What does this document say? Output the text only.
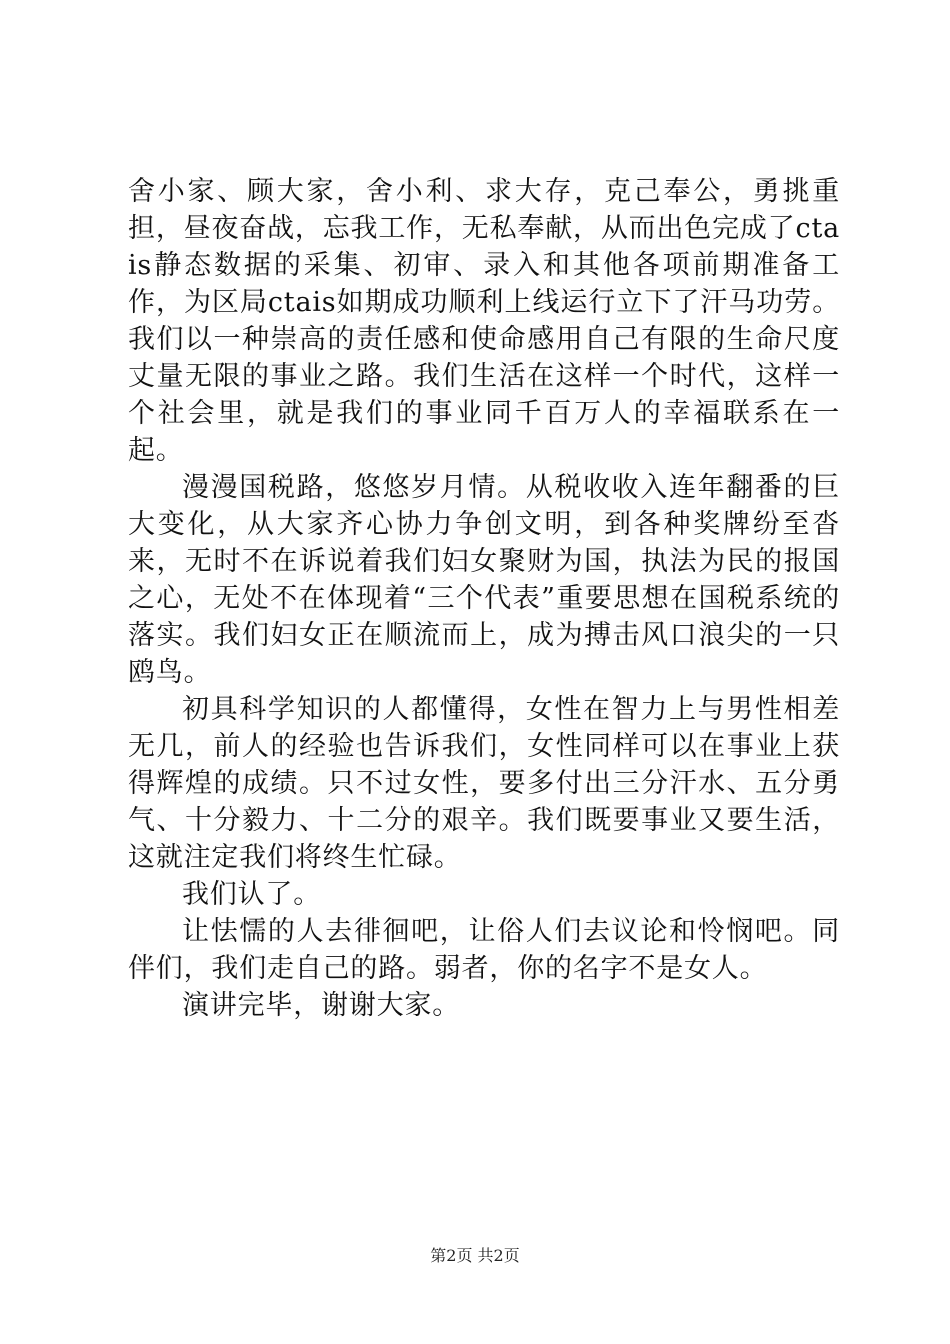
舍小家、顾大家，舍小利、求大存，克己奉公，勇挑重担，昼夜奋战，忘我工作，无私奉献，从而出色完成了ctais静态数据的采集、初审、录入和其他各项前期准备工作，为区局ctais如期成功顺利上线运行立下了汗马功劳。我们以一种崇高的责任感和使命感用自己有限的生命尺度丈量无限的事业之路。我们生活在这样一个时代，这样一个社会里，就是我们的事业同千百万人的幸福联系在一起。

漫漫国税路，悠悠岁月情。从税收收入连年翻番的巨大变化，从大家齐心协力争创文明，到各种奖牌纷至沓来，无时不在诉说着我们妇女聚财为国，执法为民的报国之心，无处不在体现着“三个代表”重要思想在国税系统的落实。我们妇女正在顺流而上，成为搏击风口浪尖的一只鸥鸟。

初具科学知识的人都懂得，女性在智力上与男性相差无几，前人的经验也告诉我们，女性同样可以在事业上获得辉煌的成绩。只不过女性，要多付出三分汗水、五分勇气、十分毅力、十二分的艰辛。我们既要事业又要生活，这就注定我们将终生忙碌。

我们认了。

让怯懦的人去徘徊吧，让俗人们去议论和怜悯吧。同伴们，我们走自己的路。弱者，你的名字不是女人。

演讲完毕，谢谢大家。

第2页 共2页
